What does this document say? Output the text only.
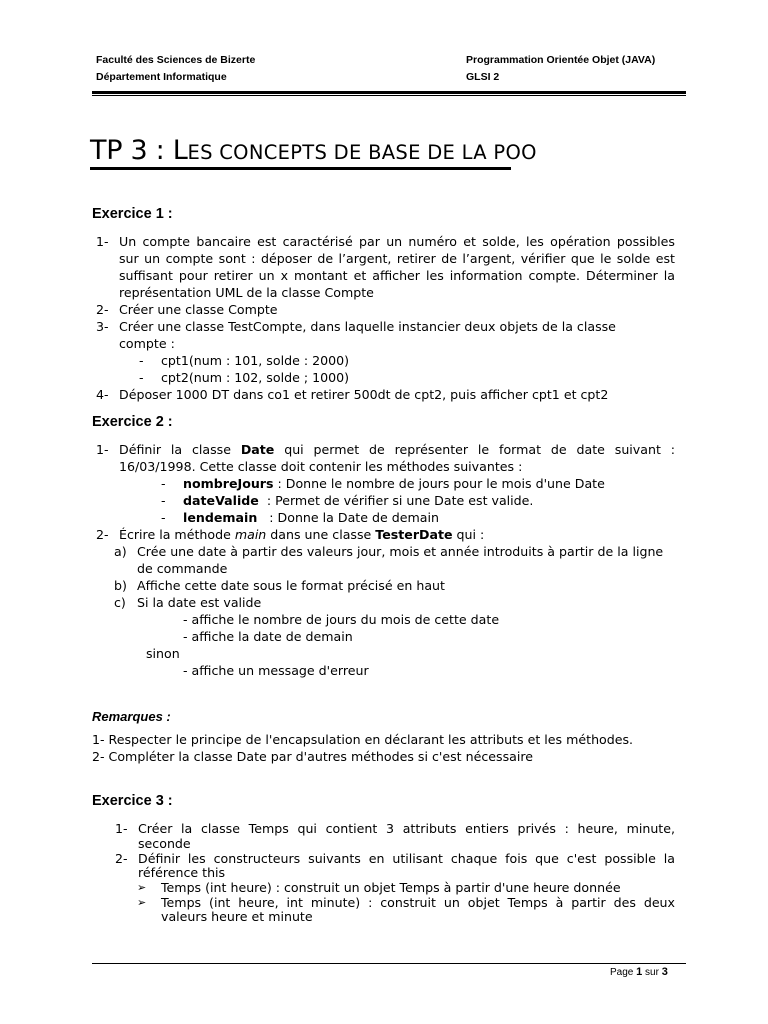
Faculté des Sciences de Bizerte
Département Informatique
Programmation Orientée Objet (JAVA)
GLSI 2
TP 3 : LES CONCEPTS DE BASE DE LA POO
Exercice 1 :
1- Un compte bancaire est caractérisé par un numéro et solde, les opération possibles
sur un compte sont : déposer de l’argent, retirer de l’argent, vérifier que le solde est
suffisant pour retirer un x montant et afficher les information compte. Déterminer la
représentation UML de la classe Compte
2- Créer une classe Compte
3- Créer une classe TestCompte, dans laquelle instancier deux objets de la classe
compte :
- cpt1(num : 101, solde : 2000)
- cpt2(num : 102, solde ; 1000)
4- Déposer 1000 DT dans co1 et retirer 500dt de cpt2, puis afficher cpt1 et cpt2
Exercice 2 :
1- Définir la classe Date qui permet de représenter le format de date suivant :
16/03/1998. Cette classe doit contenir les méthodes suivantes :
- nombreJours : Donne le nombre de jours pour le mois d'une Date
- dateValide  : Permet de vérifier si une Date est valide.
- lendemain   : Donne la Date de demain
2- Écrire la méthode main dans une classe TesterDate qui :
a) Crée une date à partir des valeurs jour, mois et année introduits à partir de la ligne
de commande
b) Affiche cette date sous le format précisé en haut
c) Si la date est valide
- affiche le nombre de jours du mois de cette date
- affiche la date de demain
sinon
- affiche un message d'erreur
Remarques :
1- Respecter le principe de l'encapsulation en déclarant les attributs et les méthodes.
2- Compléter la classe Date par d'autres méthodes si c'est nécessaire
Exercice 3 :
1- Créer la classe Temps qui contient 3 attributs entiers privés : heure, minute,
seconde
2- Définir les constructeurs suivants en utilisant chaque fois que c'est possible la
référence this
➢ Temps (int heure) : construit un objet Temps à partir d'une heure donnée
➢ Temps (int heure, int minute) : construit un objet Temps à partir des deux
valeurs heure et minute
Page 1 sur 3
